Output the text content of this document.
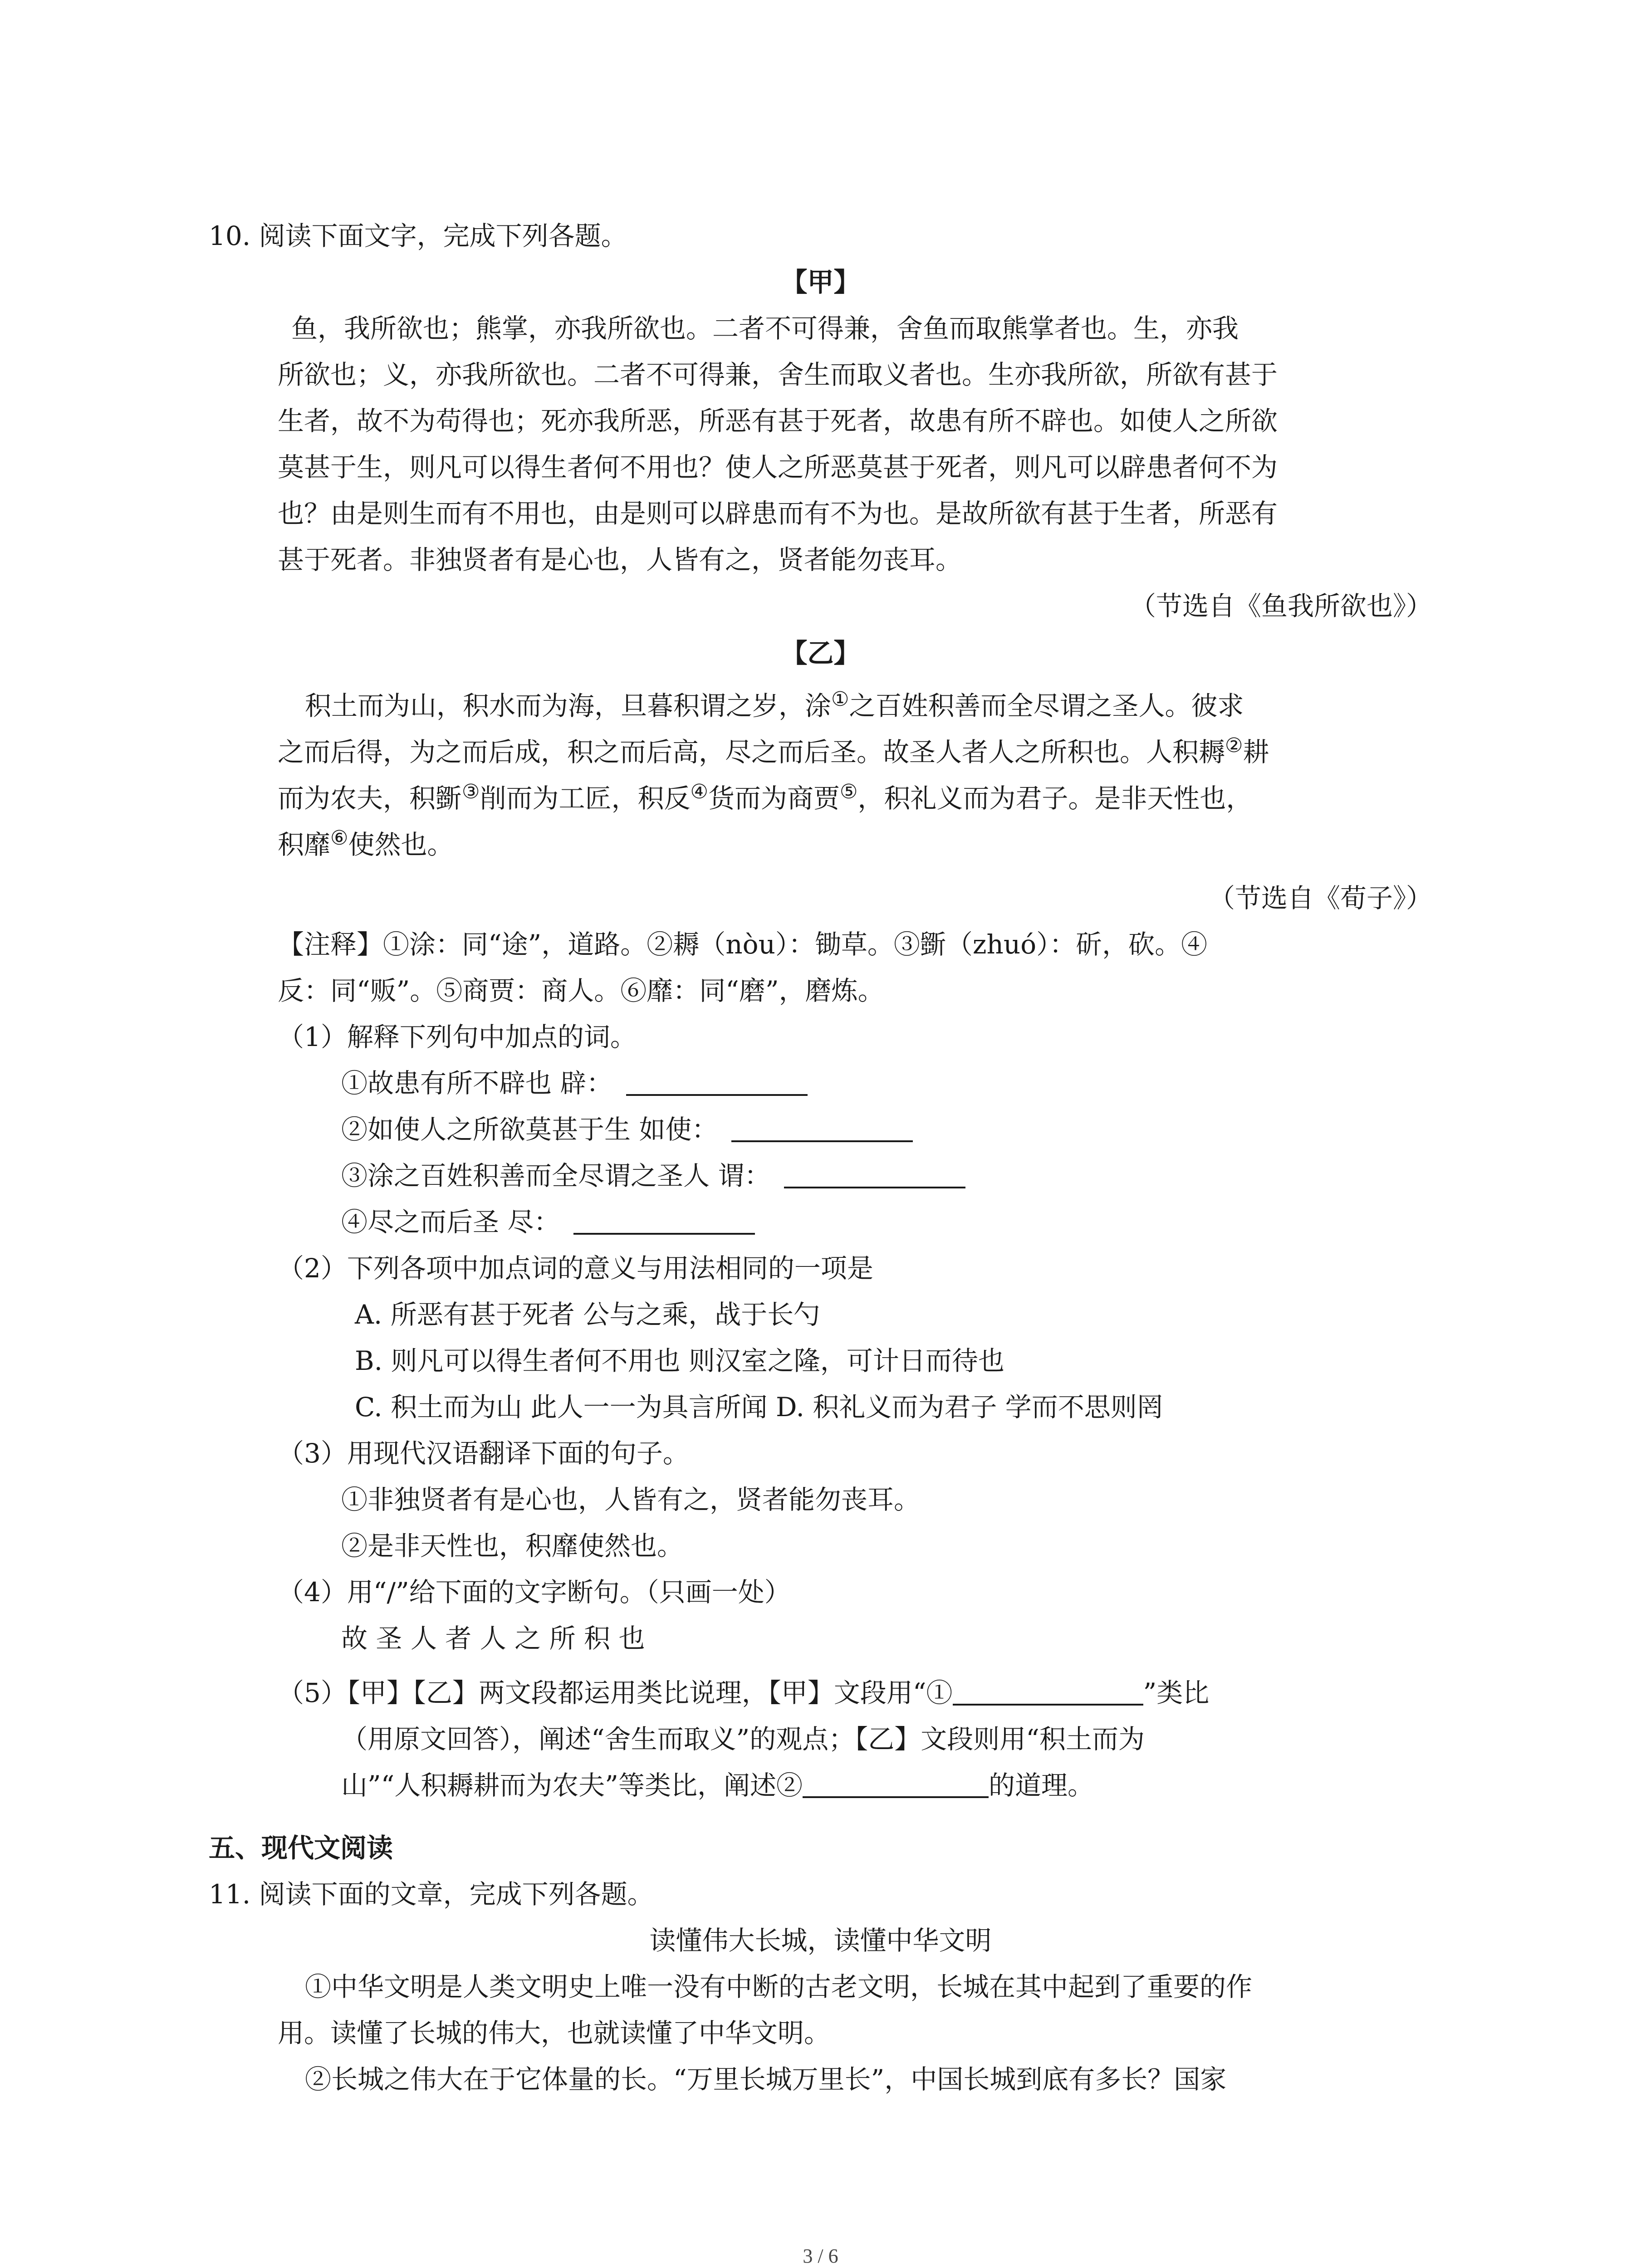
10. 阅读下面文字，完成下列各题。
【甲】
鱼，我所欲也；熊掌，亦我所欲也。二者不可得兼，舍鱼而取熊掌者也。生，亦我
所欲也；义，亦我所欲也。二者不可得兼，舍生而取义者也。生亦我所欲，所欲有甚于
生者，故不为苟得也；死亦我所恶，所恶有甚于死者，故患有所不辟也。如使人之所欲
莫甚于生，则凡可以得生者何不用也？使人之所恶莫甚于死者，则凡可以辟患者何不为
也？由是则生而有不用也，由是则可以辟患而有不为也。是故所欲有甚于生者，所恶有
甚于死者。非独贤者有是心也，人皆有之，贤者能勿丧耳。
（节选自《鱼我所欲也》）
【乙】
积土而为山，积水而为海，旦暮积谓之岁，涂①之百姓积善而全尽谓之圣人。彼求
之而后得，为之而后成，积之而后高，尽之而后圣。故圣人者人之所积也。人积耨②耕
而为农夫，积斵③削而为工匠，积反④货而为商贾⑤，积礼义而为君子。是非天性也，
积靡⑥使然也。
（节选自《荀子》）
【注释】①涂：同“途”，道路。②耨（nòu）：锄草。③斵（zhuó）：斫，砍。④
反：同“贩”。⑤商贾：商人。⑥靡：同“磨”，磨炼。
（1）解释下列句中加点的词。
①故患有所不辟也 辟：
②如使人之所欲莫甚于生 如使：
③涂之百姓积善而全尽谓之圣人 谓：
④尽之而后圣 尽：
（2）下列各项中加点词的意义与用法相同的一项是
A. 所恶有甚于死者 公与之乘，战于长勺
B. 则凡可以得生者何不用也 则汉室之隆，可计日而待也
C. 积土而为山 此人一一为具言所闻 D. 积礼义而为君子 学而不思则罔
（3）用现代汉语翻译下面的句子。
①非独贤者有是心也，人皆有之，贤者能勿丧耳。
②是非天性也，积靡使然也。
（4）用“/”给下面的文字断句。（只画一处）
故 圣 人 者 人 之 所 积 也
（5）【甲】【乙】两文段都运用类比说理，【甲】文段用“①	”类比
（用原文回答），阐述“舍生而取义”的观点；【乙】文段则用“积土而为
山”“人积耨耕而为农夫”等类比，阐述②	的道理。
五、现代文阅读
11. 阅读下面的文章，完成下列各题。
读懂伟大长城，读懂中华文明
①中华文明是人类文明史上唯一没有中断的古老文明，长城在其中起到了重要的作
用。读懂了长城的伟大，也就读懂了中华文明。
②长城之伟大在于它体量的长。“万里长城万里长”，中国长城到底有多长？国家
3 / 6
